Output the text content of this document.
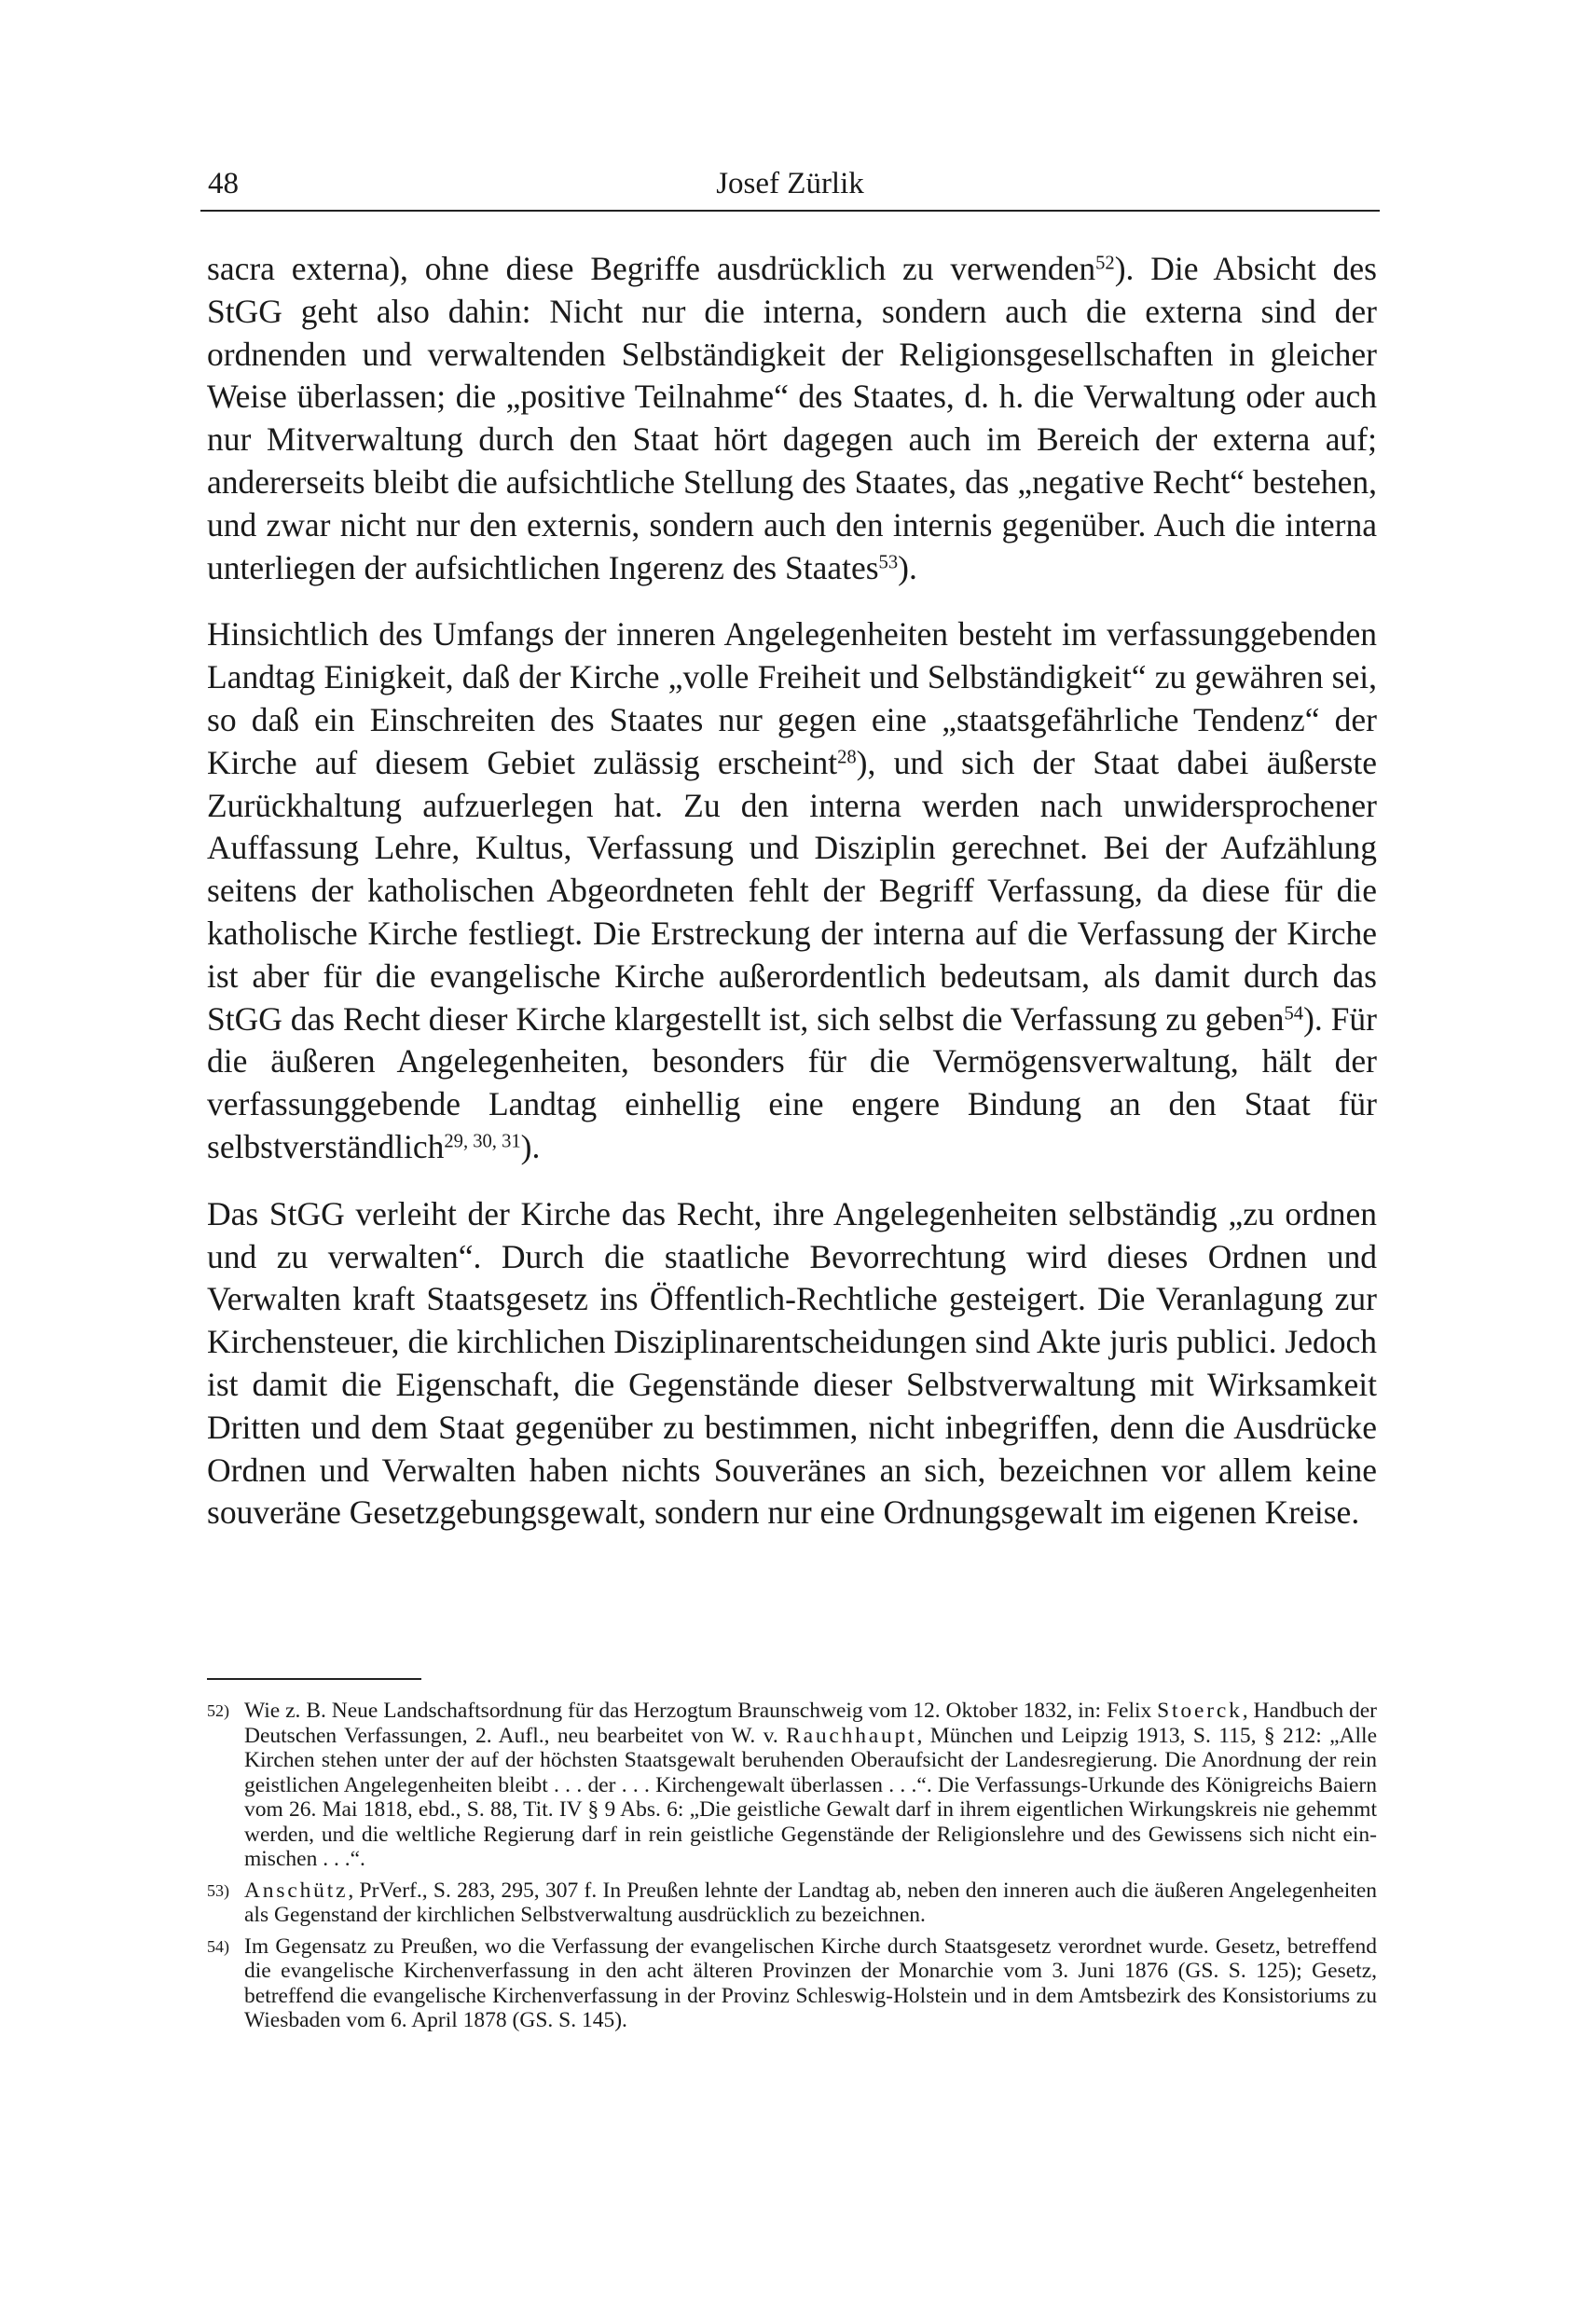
48	Josef Zürlik

sacra externa), ohne diese Begriffe ausdrücklich zu verwenden$^{52}$). Die Absicht des StGG geht also dahin: Nicht nur die interna, sondern auch die externa sind der ordnenden und verwaltenden Selbständigkeit der Religionsgesellschaften in gleicher Weise überlassen; die „positive Teilnahme“ des Staates, d. h. die Verwaltung oder auch nur Mitverwaltung durch den Staat hört dagegen auch im Bereich der externa auf; andererseits bleibt die aufsichtliche Stellung des Staates, das „negative Recht“ bestehen, und zwar nicht nur den externis, sondern auch den internis gegenüber. Auch die interna unterliegen der aufsichtlichen Ingerenz des Staates$^{53}$).

Hinsichtlich des Umfangs der inneren Angelegenheiten besteht im verfassunggebenden Landtag Einigkeit, daß der Kirche „volle Freiheit und Selbständigkeit“ zu gewähren sei, so daß ein Einschreiten des Staates nur gegen eine „staatsgefährliche Tendenz“ der Kirche auf diesem Gebiet zulässig erscheint$^{28}$), und sich der Staat dabei äußerste Zurückhaltung aufzuerlegen hat. Zu den interna werden nach unwidersprochener Auffassung Lehre, Kultus, Verfassung und Disziplin gerechnet. Bei der Aufzählung seitens der katholischen Abgeordneten fehlt der Begriff Verfassung, da diese für die katholische Kirche festliegt. Die Erstreckung der interna auf die Verfassung der Kirche ist aber für die evangelische Kirche außerordentlich bedeutsam, als damit durch das StGG das Recht dieser Kirche klargestellt ist, sich selbst die Verfassung zu geben$^{54}$). Für die äußeren Angelegenheiten, besonders für die Vermögensverwaltung, hält der verfassunggebende Landtag einhellig eine engere Bindung an den Staat für selbstverständlich$^{29, 30, 31}$).

Das StGG verleiht der Kirche das Recht, ihre Angelegenheiten selbständig „zu ordnen und zu verwalten“. Durch die staatliche Bevorrechtung wird dieses Ordnen und Verwalten kraft Staatsgesetz ins Öffentlich-Rechtliche gesteigert. Die Veranlagung zur Kirchensteuer, die kirchlichen Disziplinarentscheidungen sind Akte juris publici. Jedoch ist damit die Eigenschaft, die Gegenstände dieser Selbstverwaltung mit Wirksamkeit Dritten und dem Staat gegenüber zu bestimmen, nicht inbegriffen, denn die Ausdrücke Ordnen und Verwalten haben nichts Souveränes an sich, bezeichnen vor allem keine souveräne Gesetzgebungsgewalt, sondern nur eine Ordnungsgewalt im eigenen Kreise.

52) Wie z. B. Neue Landschaftsordnung für das Herzogtum Braunschweig vom 12. Oktober 1832, in: Felix Stoerck, Handbuch der Deutschen Verfassungen, 2. Aufl., neu bearbeitet von W. v. Rauchhaupt, München und Leipzig 1913, S. 115, § 212: „Alle Kirchen stehen unter der auf der höchsten Staatsgewalt beruhenden Oberaufsicht der Landesregierung. Die Anordnung der rein geistlichen Angelegenheiten bleibt . . . der . . . Kirchengewalt überlassen . . .“. Die Verfassungs-Urkunde des Königreichs Baiern vom 26. Mai 1818, ebd., S. 88, Tit. IV § 9 Abs. 6: „Die geistliche Gewalt darf in ihrem eigentlichen Wirkungskreis nie gehemmt werden, und die weltliche Regierung darf in rein geistliche Gegenstände der Religionslehre und des Gewissens sich nicht einmischen . . .“.
53) Anschütz, PrVerf., S. 283, 295, 307 f. In Preußen lehnte der Landtag ab, neben den inneren auch die äußeren Angelegenheiten als Gegenstand der kirchlichen Selbstverwaltung ausdrücklich zu bezeichnen.
54) Im Gegensatz zu Preußen, wo die Verfassung der evangelischen Kirche durch Staatsgesetz verordnet wurde. Gesetz, betreffend die evangelische Kirchenverfassung in den acht älteren Provinzen der Monarchie vom 3. Juni 1876 (GS. S. 125); Gesetz, betreffend die evangelische Kirchenverfassung in der Provinz Schleswig-Holstein und in dem Amtsbezirk des Konsistoriums zu Wiesbaden vom 6. April 1878 (GS. S. 145).
